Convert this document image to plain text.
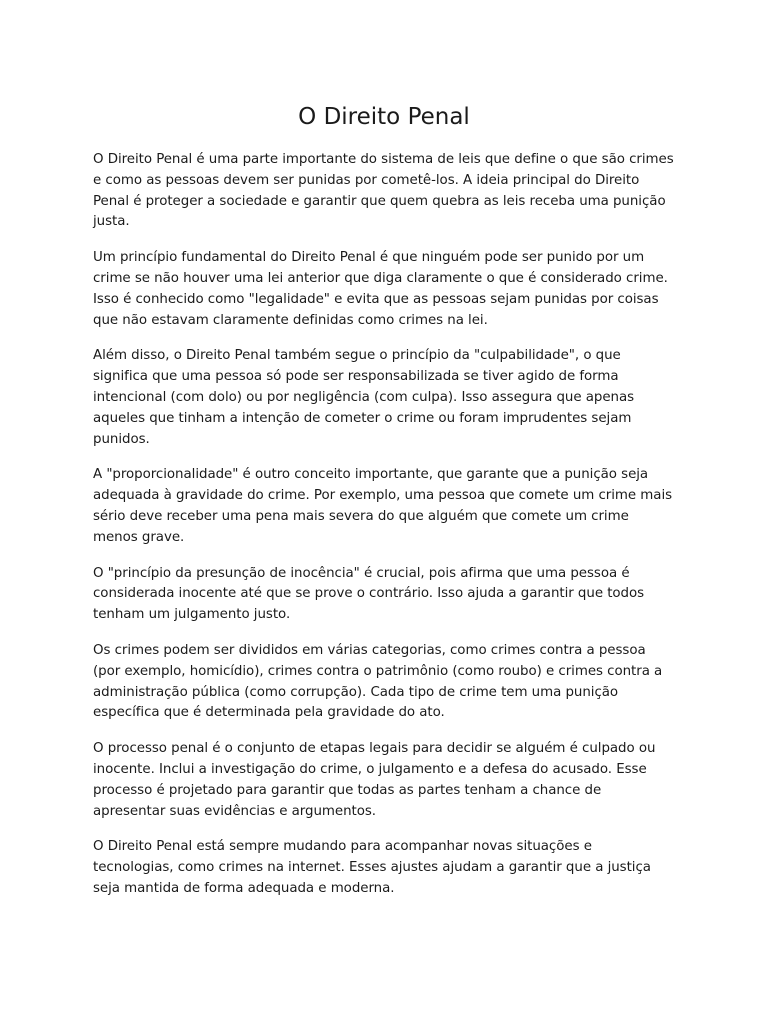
O Direito Penal

O Direito Penal é uma parte importante do sistema de leis que define o que são crimes e como as pessoas devem ser punidas por cometê-los. A ideia principal do Direito Penal é proteger a sociedade e garantir que quem quebra as leis receba uma punição justa.

Um princípio fundamental do Direito Penal é que ninguém pode ser punido por um crime se não houver uma lei anterior que diga claramente o que é considerado crime. Isso é conhecido como "legalidade" e evita que as pessoas sejam punidas por coisas que não estavam claramente definidas como crimes na lei.

Além disso, o Direito Penal também segue o princípio da "culpabilidade", o que significa que uma pessoa só pode ser responsabilizada se tiver agido de forma intencional (com dolo) ou por negligência (com culpa). Isso assegura que apenas aqueles que tinham a intenção de cometer o crime ou foram imprudentes sejam punidos.

A "proporcionalidade" é outro conceito importante, que garante que a punição seja adequada à gravidade do crime. Por exemplo, uma pessoa que comete um crime mais sério deve receber uma pena mais severa do que alguém que comete um crime menos grave.

O "princípio da presunção de inocência" é crucial, pois afirma que uma pessoa é considerada inocente até que se prove o contrário. Isso ajuda a garantir que todos tenham um julgamento justo.

Os crimes podem ser divididos em várias categorias, como crimes contra a pessoa (por exemplo, homicídio), crimes contra o patrimônio (como roubo) e crimes contra a administração pública (como corrupção). Cada tipo de crime tem uma punição específica que é determinada pela gravidade do ato.

O processo penal é o conjunto de etapas legais para decidir se alguém é culpado ou inocente. Inclui a investigação do crime, o julgamento e a defesa do acusado. Esse processo é projetado para garantir que todas as partes tenham a chance de apresentar suas evidências e argumentos.

O Direito Penal está sempre mudando para acompanhar novas situações e tecnologias, como crimes na internet. Esses ajustes ajudam a garantir que a justiça seja mantida de forma adequada e moderna.
